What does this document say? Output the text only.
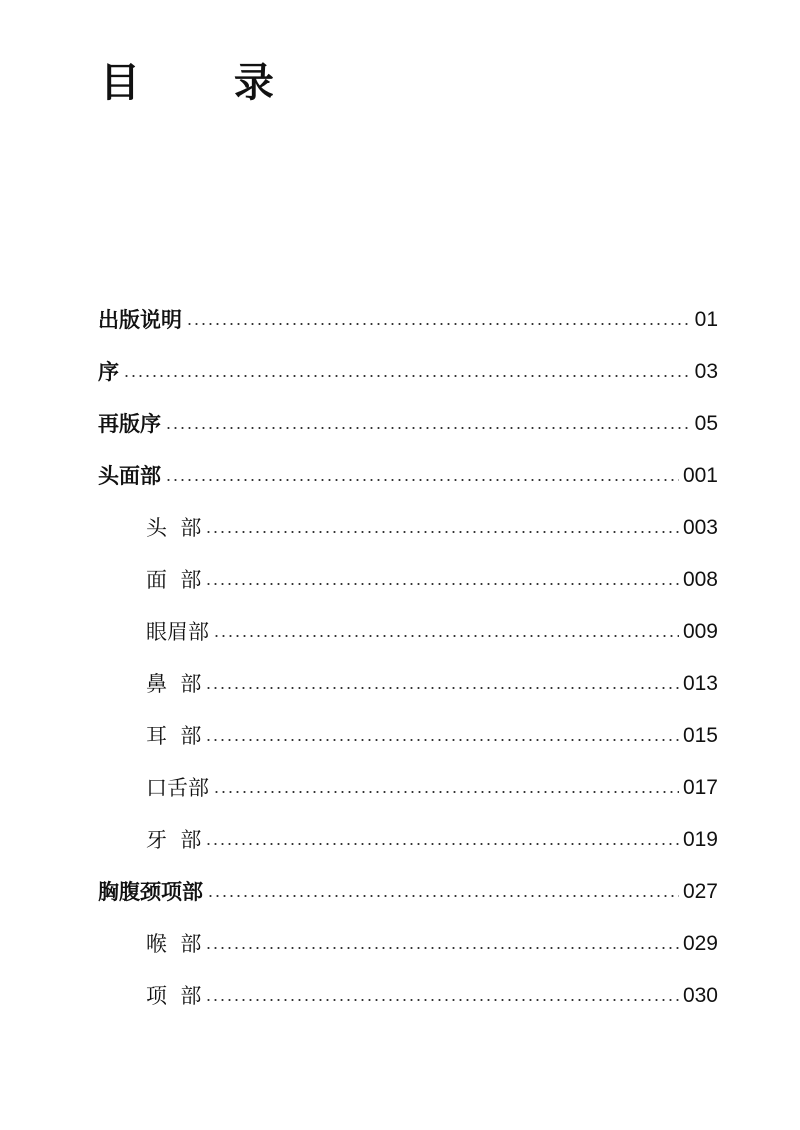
目 录
出版说明	01
序	03
再版序	05
头面部	001
头  部	003
面  部	008
眼眉部	009
鼻  部	013
耳  部	015
口舌部	017
牙  部	019
胸腹颈项部	027
喉  部	029
项  部	030
